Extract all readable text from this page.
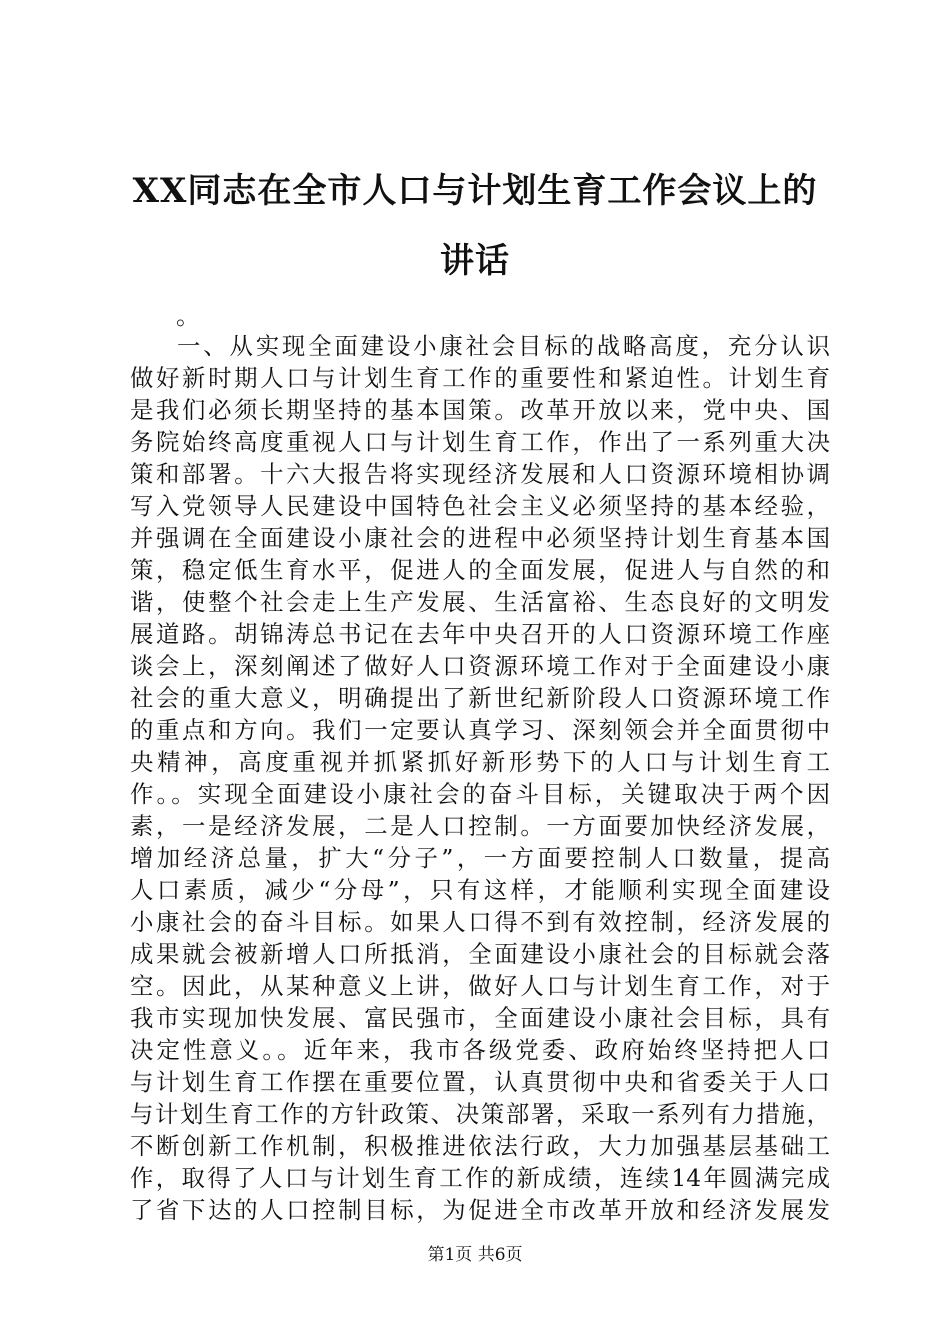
XX同志在全市人口与计划生育工作会议上的
讲话
。
一、从实现全面建设小康社会目标的战略高度，充分认识
做好新时期人口与计划生育工作的重要性和紧迫性。计划生育
是我们必须长期坚持的基本国策。改革开放以来，党中央、国
务院始终高度重视人口与计划生育工作，作出了一系列重大决
策和部署。十六大报告将实现经济发展和人口资源环境相协调
写入党领导人民建设中国特色社会主义必须坚持的基本经验，
并强调在全面建设小康社会的进程中必须坚持计划生育基本国
策，稳定低生育水平，促进人的全面发展，促进人与自然的和
谐，使整个社会走上生产发展、生活富裕、生态良好的文明发
展道路。胡锦涛总书记在去年中央召开的人口资源环境工作座
谈会上，深刻阐述了做好人口资源环境工作对于全面建设小康
社会的重大意义，明确提出了新世纪新阶段人口资源环境工作
的重点和方向。我们一定要认真学习、深刻领会并全面贯彻中
央精神，高度重视并抓紧抓好新形势下的人口与计划生育工
作。。实现全面建设小康社会的奋斗目标，关键取决于两个因
素，一是经济发展，二是人口控制。一方面要加快经济发展，
增加经济总量，扩大“分子”，一方面要控制人口数量，提高
人口素质，减少“分母”，只有这样，才能顺利实现全面建设
小康社会的奋斗目标。如果人口得不到有效控制，经济发展的
成果就会被新增人口所抵消，全面建设小康社会的目标就会落
空。因此，从某种意义上讲，做好人口与计划生育工作，对于
我市实现加快发展、富民强市，全面建设小康社会目标，具有
决定性意义。。近年来，我市各级党委、政府始终坚持把人口
与计划生育工作摆在重要位置，认真贯彻中央和省委关于人口
与计划生育工作的方针政策、决策部署，采取一系列有力措施，
不断创新工作机制，积极推进依法行政，大力加强基层基础工
作，取得了人口与计划生育工作的新成绩，连续14年圆满完成
了省下达的人口控制目标，为促进全市改革开放和经济发展发
第1页 共6页
